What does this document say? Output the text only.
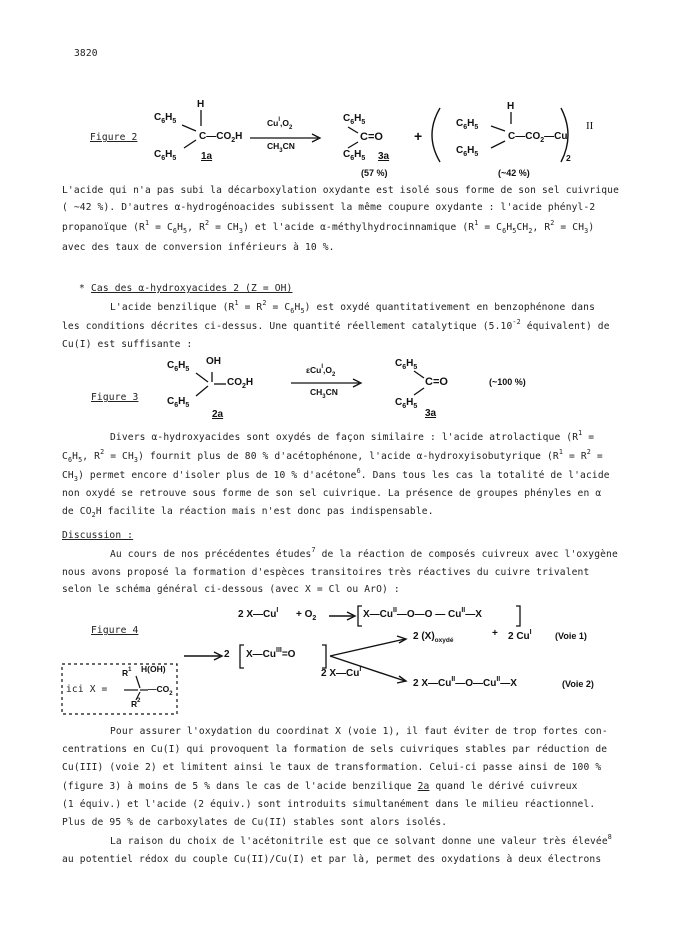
3820
Figure 2
H
$C_6H_5$
$C—CO_2H$
$C_6H_5$ 1a
$Cu^I,O_2$
$CH_3CN$
$C_6H_5$
C=O
$C_6H_5$ 3a
(57 %)
+
H
$C_6H_5$
$C—CO_2—Cu$
II
$C_6H_5$	2
(~42 %)
L'acide qui n'a pas subi la décarboxylation oxydante est isolé sous forme de son sel cuivrique
( ~42 %). D'autres α-hydrogénoacides subissent la même coupure oxydante : l'acide phényl-2
propanoïque ($R^1 = C_6H_5$, $R^2 = CH_3$) et l'acide α-méthylhydrocinnamique ($R^1 = C_6H_5CH_2$, $R^2 = CH_3$)
avec des taux de conversion inférieurs à 10 %.
* Cas des α-hydroxyacides 2 (Z = OH)
L'acide benzilique $(R^1 = R^2 = C_6H_5)$ est oxydé quantitativement en benzophénone dans
les conditions décrites ci-dessus. Une quantité réellement catalytique ($5.10^{-2}$ équivalent) de
Cu(I) est suffisante :
Figure 3
OH
$C_6H_5$
$CO_2H$
$C_6H_5$
2a
$\varepsilon Cu^I,O_2$
$CH_3CN$
$C_6H_5$
C=O
$C_6H_5$
3a
(~100 %)
Divers α-hydroxyacides sont oxydés de façon similaire : l'acide atrolactique ($R^1$ =
$C_6H_5$, $R^2 = CH_3$) fournit plus de 80 % d'acétophénone, l'acide α-hydroxyisobutyrique ($R^1 = R^2$ =
$CH_3$) permet encore d'isoler plus de 10 % d'acétone$^6$. Dans tous les cas la totalité de l'acide
non oxydé se retrouve sous forme de son sel cuivrique. La présence de groupes phényles en α
de $CO_2H$ facilite la réaction mais n'est donc pas indispensable.
Discussion :
Au cours de nos précédentes études$^7$ de la réaction de composés cuivreux avec l'oxygène
nous avons proposé la formation d'espèces transitoires très réactives du cuivre trivalent
selon le schéma général ci-dessous (avec X = Cl ou ArO) :
Figure 4
2 $X—Cu^I + O_2$	$X—Cu^{II}—O—O$ — $Cu^{II}—X$
2 $X—Cu^{III}=O$
2 $X—Cu^I$
2 $(X)_{oxydé}$
+ 2 $Cu^I$	(Voie 1)
2 $X—Cu^{II}—O—Cu^{II}—X$	(Voie 2)
ici X =
$R^1$ H(OH)
$—CO_2$
$R^2$
Pour assurer l'oxydation du coordinat X (voie 1), il faut éviter de trop fortes con-
centrations en Cu(I) qui provoquent la formation de sels cuivriques stables par réduction de
Cu(III) (voie 2) et limitent ainsi le taux de transformation. Celui-ci passe ainsi de 100 %
(figure 3) à moins de 5 % dans le cas de l'acide benzilique 2a quand le dérivé cuivreux
(1 équiv.) et l'acide (2 équiv.) sont introduits simultanément dans le milieu réactionnel.
Plus de 95 % de carboxylates de Cu(II) stables sont alors isolés.
La raison du choix de l'acétonitrile est que ce solvant donne une valeur très élevée$^8$
au potentiel rédox du couple Cu(II)/Cu(I) et par là, permet des oxydations à deux électrons
